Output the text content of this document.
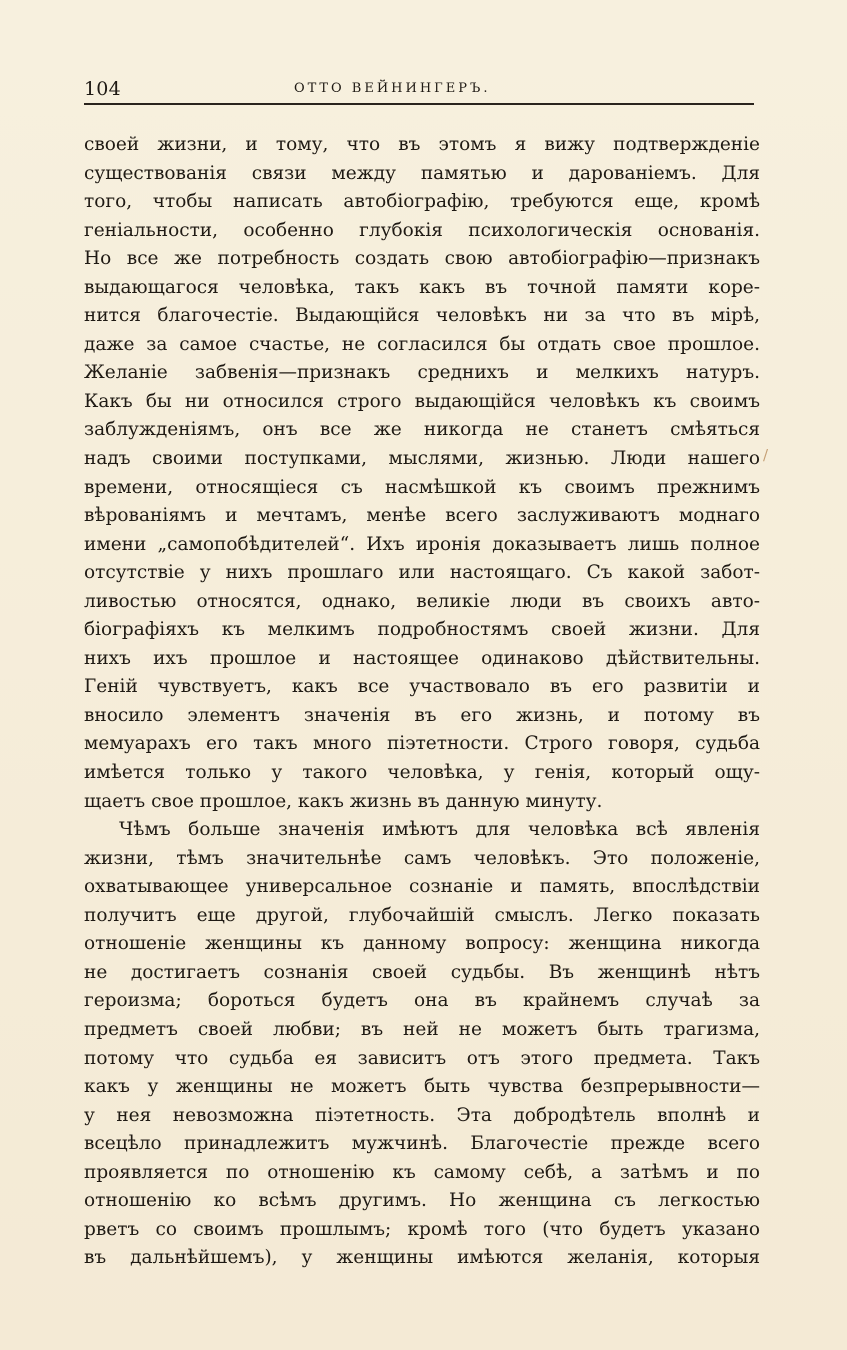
104	ОТТО ВЕЙНИНГЕРЪ.
своей жизни, и тому, что въ этомъ я вижу подтвержденіе
существованія связи между памятью и дарованіемъ. Для
того, чтобы написать автобіографію, требуются еще, кромѣ
геніальности, особенно глубокія психологическія основанія.
Но все же потребность создать свою автобіографію—признакъ
выдающагося человѣка, такъ какъ въ точной памяти коре-
нится благочестіе. Выдающійся человѣкъ ни за что въ мірѣ,
даже за самое счастье, не согласился бы отдать свое прошлое.
Желаніе забвенія—признакъ среднихъ и мелкихъ натуръ.
Какъ бы ни относился строго выдающійся человѣкъ къ своимъ
заблужденіямъ, онъ все же никогда не станетъ смѣяться
надъ своими поступками, мыслями, жизнью. Люди нашего
времени, относящіеся съ насмѣшкой къ своимъ прежнимъ
вѣрованіямъ и мечтамъ, менѣе всего заслуживаютъ моднаго
имени „самопобѣдителей“. Ихъ иронія доказываетъ лишь полное
отсутствіе у нихъ прошлаго или настоящаго. Съ какой забот-
ливостью относятся, однако, великіе люди въ своихъ авто-
біографіяхъ къ мелкимъ подробностямъ своей жизни. Для
нихъ ихъ прошлое и настоящее одинаково дѣйствительны.
Геній чувствуетъ, какъ все участвовало въ его развитіи и
вносило элементъ значенія въ его жизнь, и потому въ
мемуарахъ его такъ много піэтетности. Строго говоря, судьба
имѣется только у такого человѣка, у генія, который ощу-
щаетъ свое прошлое, какъ жизнь въ данную минуту.
Чѣмъ больше значенія имѣютъ для человѣка всѣ явленія
жизни, тѣмъ значительнѣе самъ человѣкъ. Это положеніе,
охватывающее универсальное сознаніе и память, впослѣдствіи
получитъ еще другой, глубочайшій смыслъ. Легко показать
отношеніе женщины къ данному вопросу: женщина никогда
не достигаетъ сознанія своей судьбы. Въ женщинѣ нѣтъ
героизма; бороться будетъ она въ крайнемъ случаѣ за
предметъ своей любви; въ ней не можетъ быть трагизма,
потому что судьба ея зависитъ отъ этого предмета. Такъ
какъ у женщины не можетъ быть чувства безпрерывности—
у нея невозможна піэтетность. Эта добродѣтель вполнѣ и
всецѣло принадлежитъ мужчинѣ. Благочестіе прежде всего
проявляется по отношенію къ самому себѣ, а затѣмъ и по
отношенію ко всѣмъ другимъ. Но женщина съ легкостью
рветъ со своимъ прошлымъ; кромѣ того (что будетъ указано
въ дальнѣйшемъ), у женщины имѣются желанія, которыя
/
